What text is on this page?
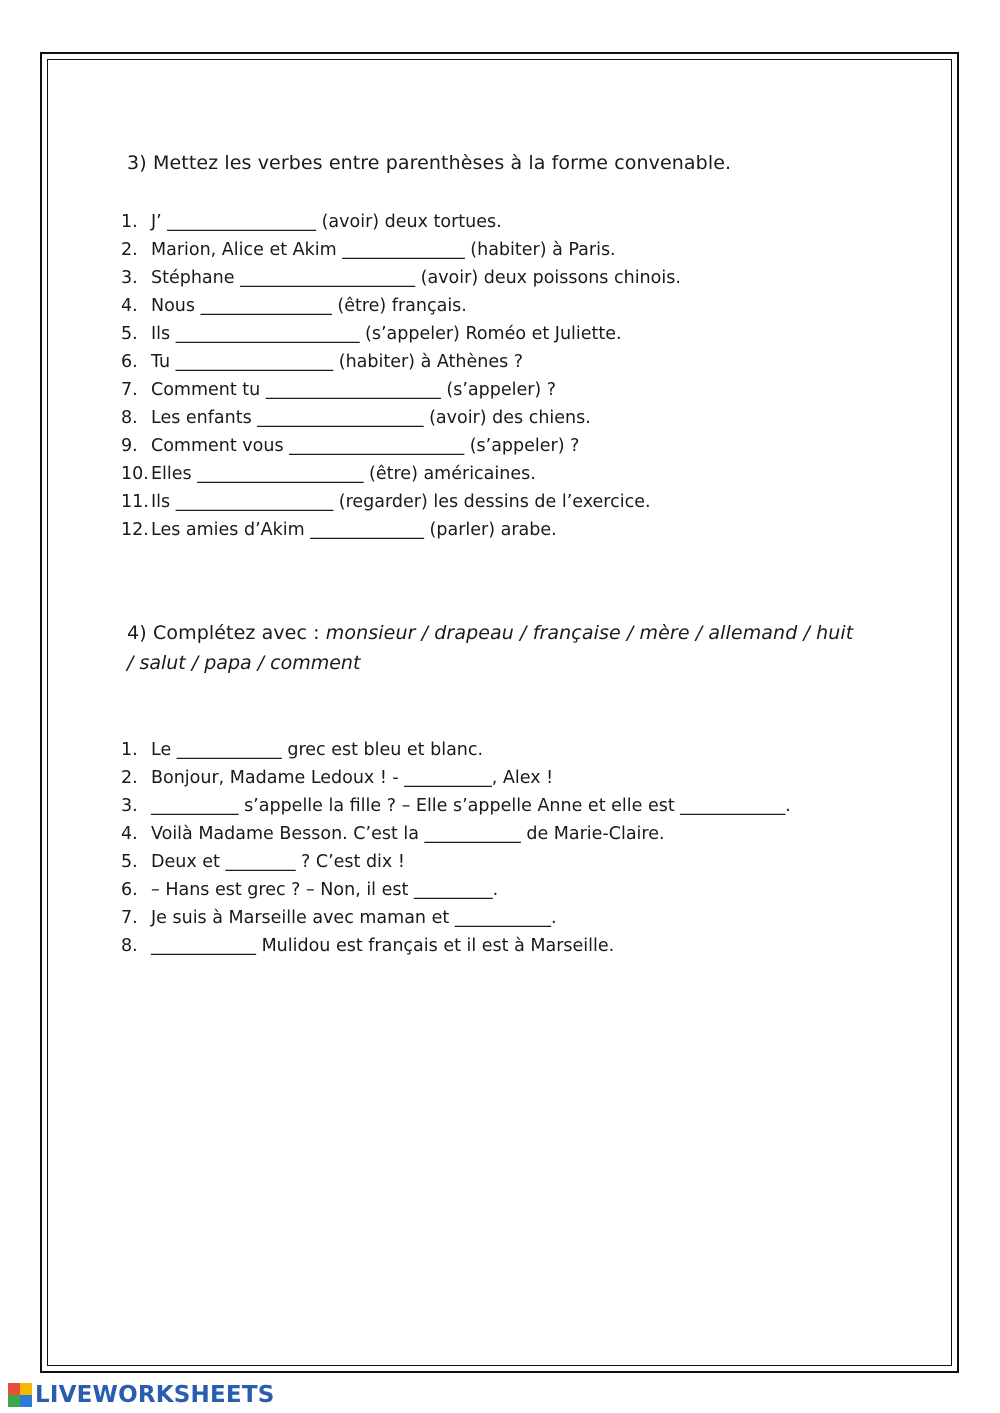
3) Mettez les verbes entre parenthèses à la forme convenable.
1. J’ _________________ (avoir) deux tortues.
2. Marion, Alice et Akim ______________ (habiter) à Paris.
3. Stéphane ____________________ (avoir) deux poissons chinois.
4. Nous _______________ (être) français.
5. Ils _____________________ (s’appeler) Roméo et Juliette.
6. Tu __________________ (habiter) à Athènes ?
7. Comment tu ____________________ (s’appeler) ?
8. Les enfants ___________________ (avoir) des chiens.
9. Comment vous ____________________ (s’appeler) ?
10. Elles ___________________ (être) américaines.
11. Ils __________________ (regarder) les dessins de l’exercice.
12. Les amies d’Akim _____________ (parler) arabe.
4) Complétez avec : monsieur / drapeau / française / mère / allemand / huit
/ salut / papa / comment
1. Le ____________ grec est bleu et blanc.
2. Bonjour, Madame Ledoux ! - __________, Alex !
3. __________ s’appelle la fille ? – Elle s’appelle Anne et elle est ____________.
4. Voilà Madame Besson. C’est la ___________ de Marie-Claire.
5. Deux et ________ ? C’est dix !
6. – Hans est grec ? – Non, il est _________.
7. Je suis à Marseille avec maman et ___________.
8. ____________ Mulidou est français et il est à Marseille.
LIVEWORKSHEETS
